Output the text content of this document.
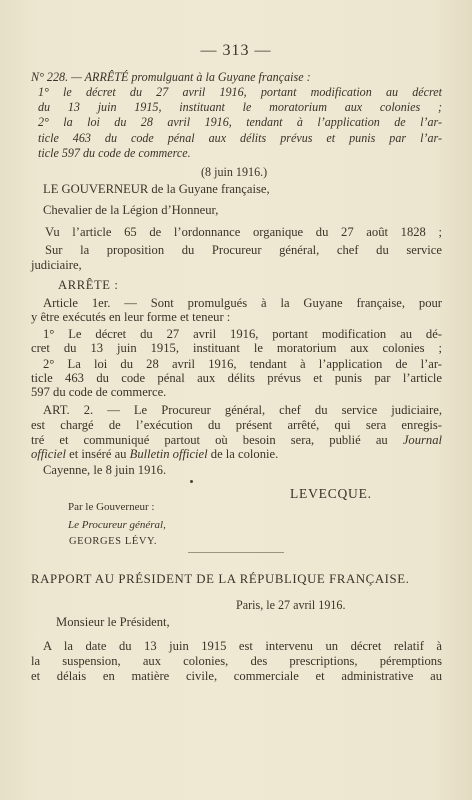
— 313 —
N° 228. — ARRÊTÉ promulguant à la Guyane française :
1° le décret du 27 avril 1916, portant modification au décret
du 13 juin 1915, instituant le moratorium aux colonies ;
2° la loi du 28 avril 1916, tendant à l’application de l’ar-
ticle 463 du code pénal aux délits prévus et punis par l’ar-
ticle 597 du code de commerce.
(8 juin 1916.)
LE GOUVERNEUR de la Guyane française,
Chevalier de la Légion d’Honneur,
Vu l’article 65 de l’ordonnance organique du 27 août 1828 ;
Sur la proposition du Procureur général, chef du service
judiciaire,
ARRÊTE :
Article 1er. — Sont promulgués à la Guyane française, pour
y être exécutés en leur forme et teneur :
1° Le décret du 27 avril 1916, portant modification au dé-
cret du 13 juin 1915, instituant le moratorium aux colonies ;
2° La loi du 28 avril 1916, tendant à l’application de l’ar-
ticle 463 du code pénal aux délits prévus et punis par l’article
597 du code de commerce.
ART. 2. — Le Procureur général, chef du service judiciaire,
est chargé de l’exécution du présent arrêté, qui sera enregis-
tré et communiqué partout où besoin sera, publié au Journal
officiel et inséré au Bulletin officiel de la colonie.
Cayenne, le 8 juin 1916.
LEVECQUE.
Par le Gouverneur :
Le Procureur général,
GEORGES LÉVY.
RAPPORT AU PRÉSIDENT DE LA RÉPUBLIQUE FRANÇAISE.
Paris, le 27 avril 1916.
Monsieur le Président,
A la date du 13 juin 1915 est intervenu un décret relatif à
la suspension, aux colonies, des prescriptions, péremptions
et délais en matière civile, commerciale et administrative au
